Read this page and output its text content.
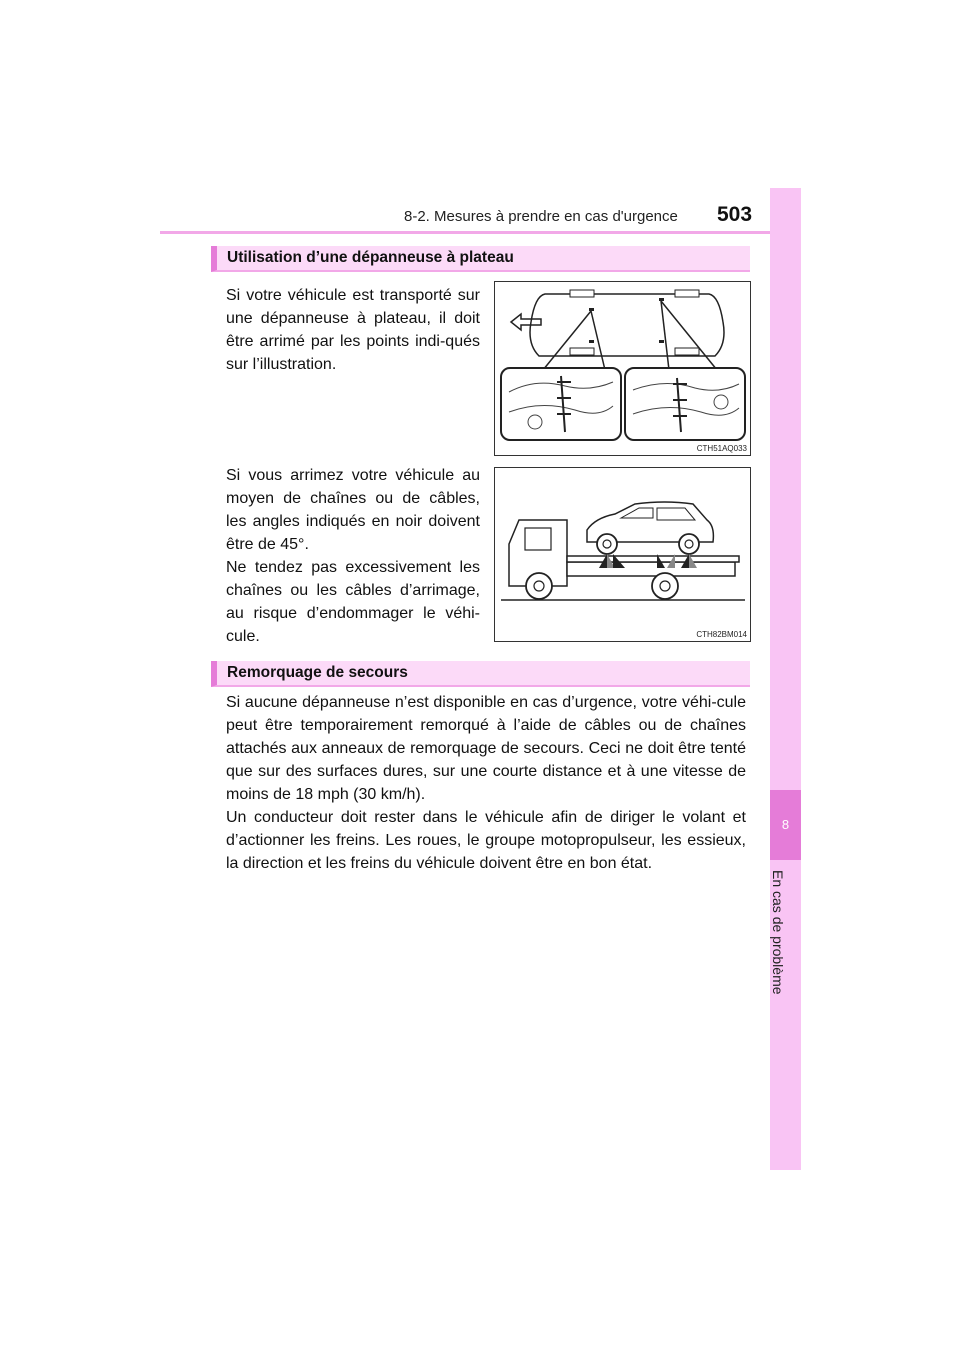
8-2. Mesures à prendre en cas d'urgence 503
8
En cas de problème
Utilisation d’une dépanneuse à plateau
Si votre véhicule est transporté sur une dépanneuse à plateau, il doit être arrimé par les points indi-qués sur l’illustration.
Si vous arrimez votre véhicule au moyen de chaînes ou de câbles, les angles indiqués en noir doivent être de 45°.
Ne tendez pas excessivement les chaînes ou les câbles d’arrimage, au risque d’endommager le véhi-cule.
CTH51AQ033
CTH82BM014
Remorquage de secours
Si aucune dépanneuse n’est disponible en cas d’urgence, votre véhi-cule peut être temporairement remorqué à l’aide de câbles ou de chaînes attachés aux anneaux de remorquage de secours. Ceci ne doit être tenté que sur des surfaces dures, sur une courte distance et à une vitesse de moins de 18 mph (30 km/h).
Un conducteur doit rester dans le véhicule afin de diriger le volant et d’actionner les freins. Les roues, le groupe motopropulseur, les essieux, la direction et les freins du véhicule doivent être en bon état.
